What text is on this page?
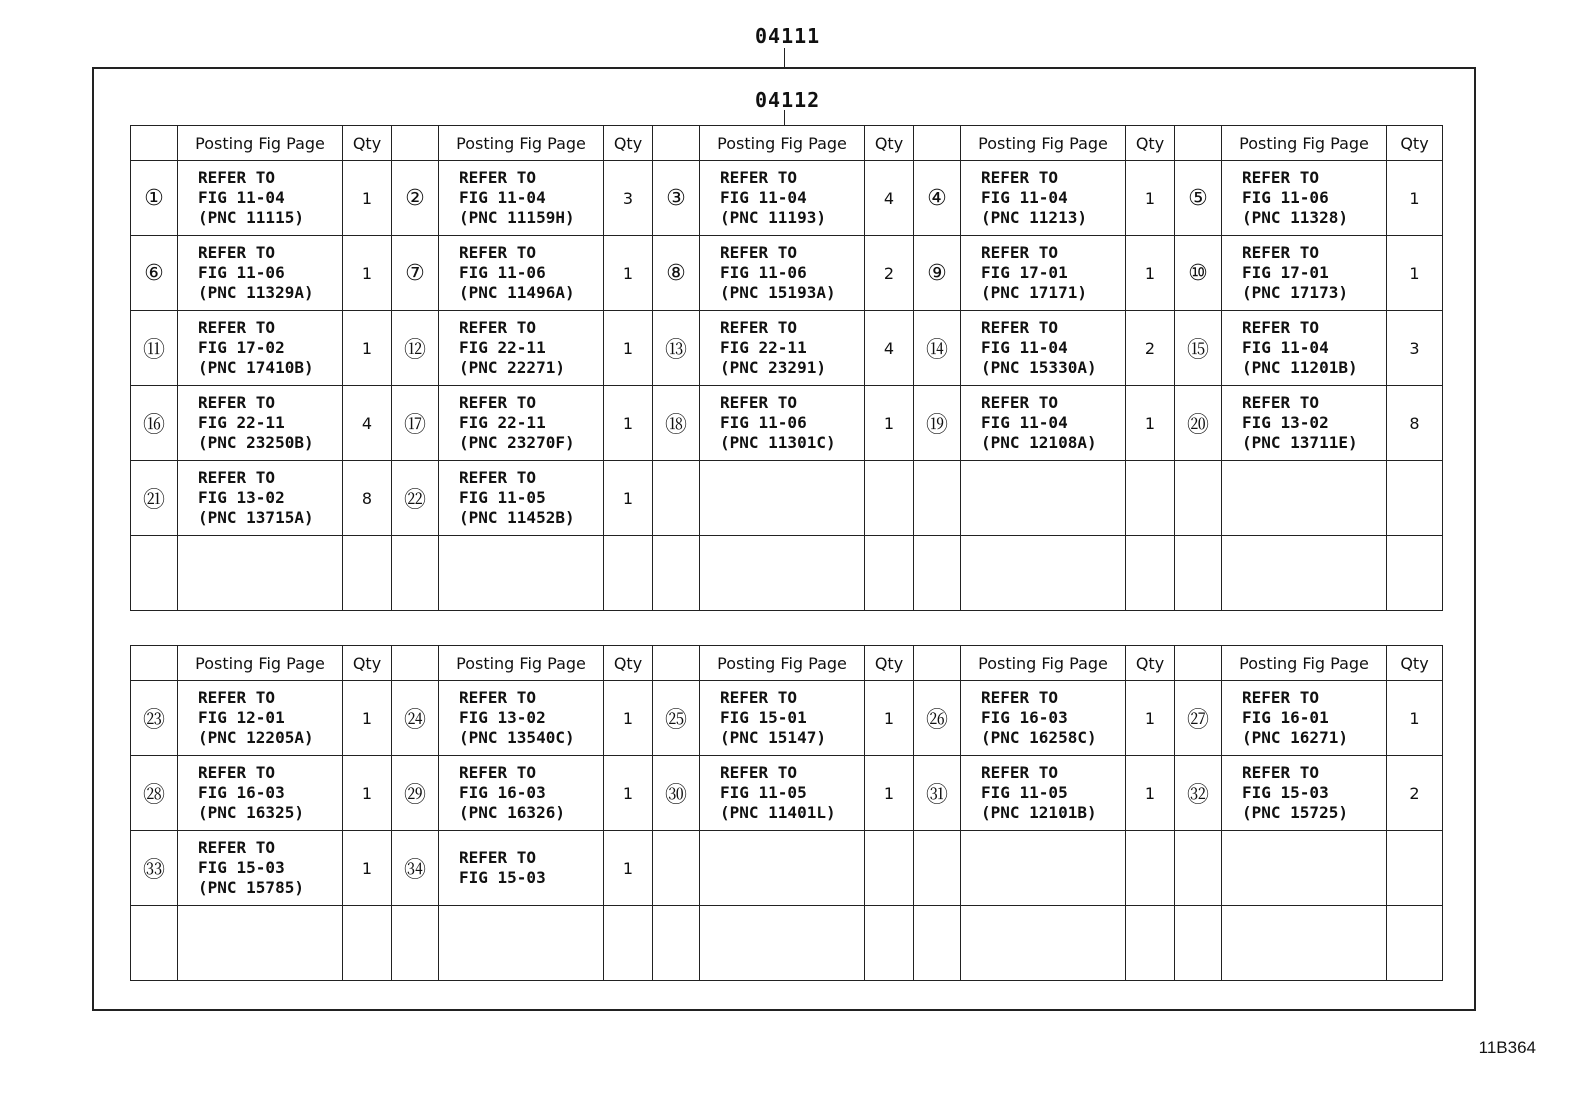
04111
04112
	Posting Fig Page	Qty		Posting Fig Page	Qty		Posting Fig Page	Qty		Posting Fig Page	Qty		Posting Fig Page	Qty
①	REFER TO
FIG 11-04
(PNC 11115)	1	②	REFER TO
FIG 11-04
(PNC 11159H)	3	③	REFER TO
FIG 11-04
(PNC 11193)	4	④	REFER TO
FIG 11-04
(PNC 11213)	1	⑤	REFER TO
FIG 11-06
(PNC 11328)	1
⑥	REFER TO
FIG 11-06
(PNC 11329A)	1	⑦	REFER TO
FIG 11-06
(PNC 11496A)	1	⑧	REFER TO
FIG 11-06
(PNC 15193A)	2	⑨	REFER TO
FIG 17-01
(PNC 17171)	1	⑩	REFER TO
FIG 17-01
(PNC 17173)	1
⑪	REFER TO
FIG 17-02
(PNC 17410B)	1	⑫	REFER TO
FIG 22-11
(PNC 22271)	1	⑬	REFER TO
FIG 22-11
(PNC 23291)	4	⑭	REFER TO
FIG 11-04
(PNC 15330A)	2	⑮	REFER TO
FIG 11-04
(PNC 11201B)	3
⑯	REFER TO
FIG 22-11
(PNC 23250B)	4	⑰	REFER TO
FIG 22-11
(PNC 23270F)	1	⑱	REFER TO
FIG 11-06
(PNC 11301C)	1	⑲	REFER TO
FIG 11-04
(PNC 12108A)	1	⑳	REFER TO
FIG 13-02
(PNC 13711E)	8
㉑	REFER TO
FIG 13-02
(PNC 13715A)	8	㉒	REFER TO
FIG 11-05
(PNC 11452B)	1									

	Posting Fig Page	Qty		Posting Fig Page	Qty		Posting Fig Page	Qty		Posting Fig Page	Qty		Posting Fig Page	Qty
㉓	REFER TO
FIG 12-01
(PNC 12205A)	1	㉔	REFER TO
FIG 13-02
(PNC 13540C)	1	㉕	REFER TO
FIG 15-01
(PNC 15147)	1	㉖	REFER TO
FIG 16-03
(PNC 16258C)	1	㉗	REFER TO
FIG 16-01
(PNC 16271)	1
㉘	REFER TO
FIG 16-03
(PNC 16325)	1	㉙	REFER TO
FIG 16-03
(PNC 16326)	1	㉚	REFER TO
FIG 11-05
(PNC 11401L)	1	㉛	REFER TO
FIG 11-05
(PNC 12101B)	1	㉜	REFER TO
FIG 15-03
(PNC 15725)	2
㉝	REFER TO
FIG 15-03
(PNC 15785)	1	㉞	REFER TO
FIG 15-03	1									

11B364
